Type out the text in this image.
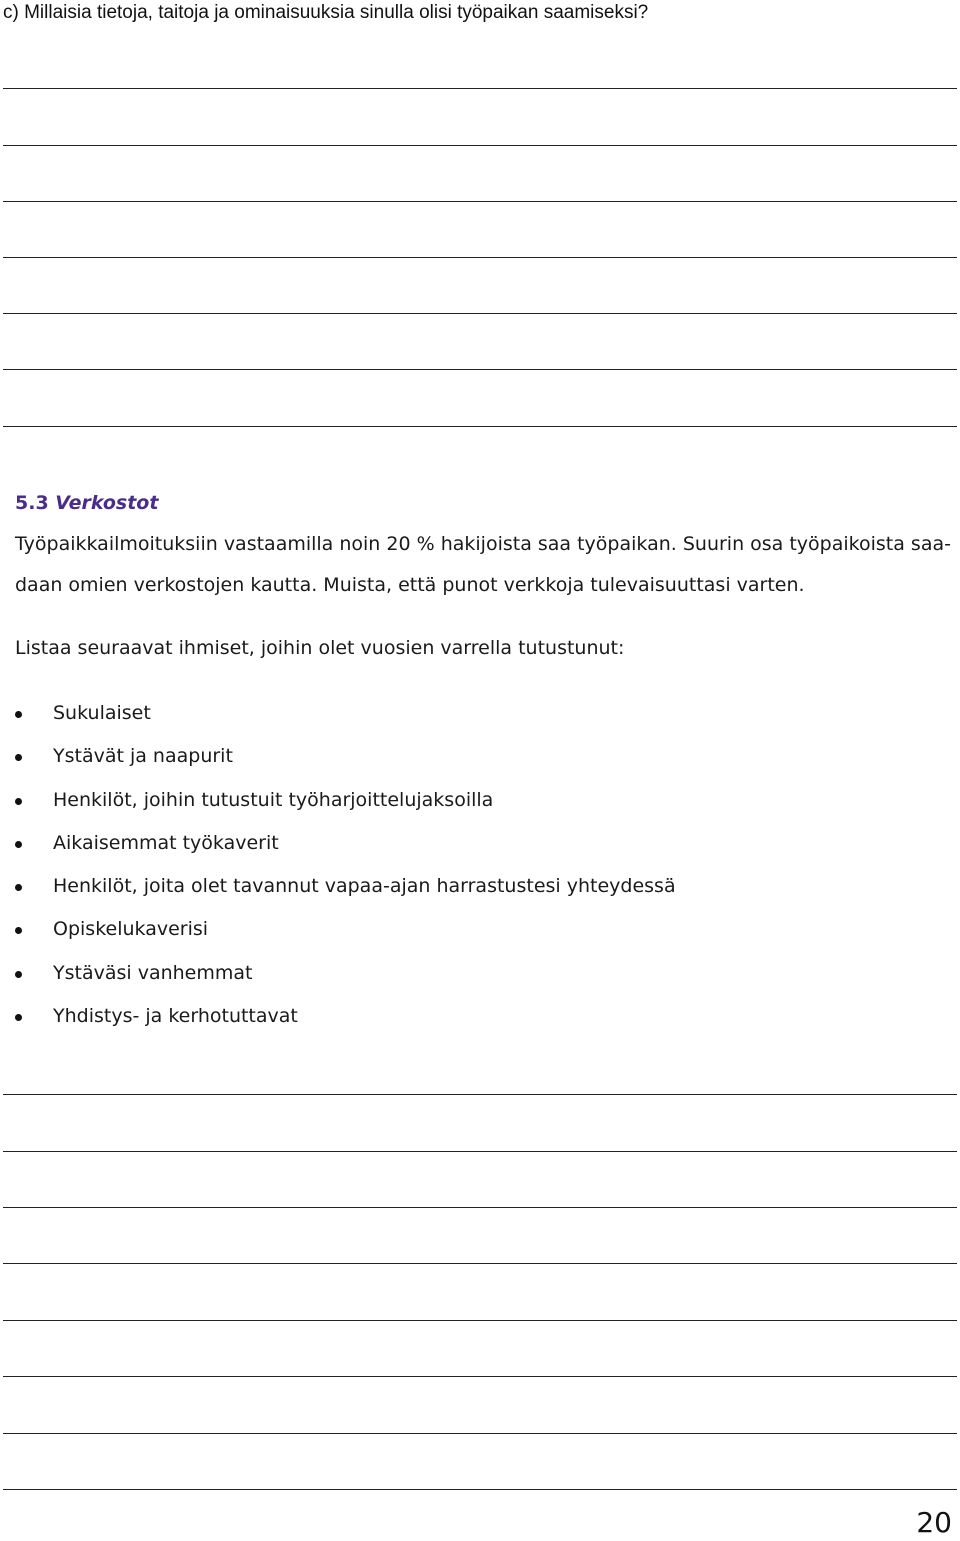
c) Millaisia tietoja, taitoja ja ominaisuuksia sinulla olisi työpaikan saamiseksi?
5.3 Verkostot
Työpaikkailmoituksiin vastaamilla noin 20 % hakijoista saa työpaikan. Suurin osa työpaikoista saa-
daan omien verkostojen kautta. Muista, että punot verkkoja tulevaisuuttasi varten.
Listaa seuraavat ihmiset, joihin olet vuosien varrella tutustunut:
Sukulaiset
Ystävät ja naapurit
Henkilöt, joihin tutustuit työharjoittelujaksoilla
Aikaisemmat työkaverit
Henkilöt, joita olet tavannut vapaa-ajan harrastustesi yhteydessä
Opiskelukaverisi
Ystäväsi vanhemmat
Yhdistys- ja kerhotuttavat
20
